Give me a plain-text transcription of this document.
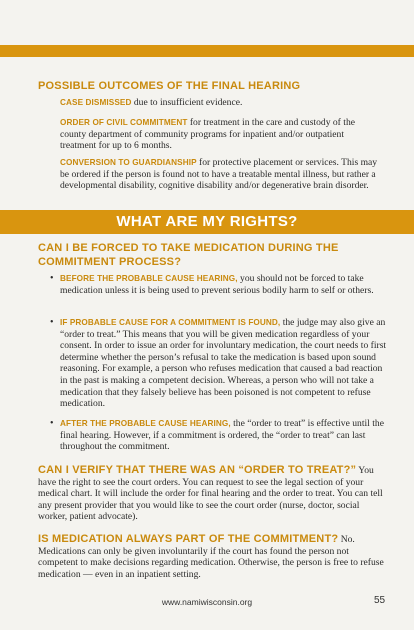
POSSIBLE OUTCOMES OF THE FINAL HEARING
CASE DISMISSED due to insufficient evidence.
ORDER OF CIVIL COMMITMENT for treatment in the care and custody of the county department of community programs for inpatient and/or outpatient treatment for up to 6 months.
CONVERSION TO GUARDIANSHIP for protective placement or services. This may be ordered if the person is found not to have a treatable mental illness, but rather a developmental disability, cognitive disability and/or degenerative brain disorder.
WHAT ARE MY RIGHTS?
CAN I BE FORCED TO TAKE MEDICATION DURING THE COMMITMENT PROCESS?
• BEFORE THE PROBABLE CAUSE HEARING, you should not be forced to take medication unless it is being used to prevent serious bodily harm to self or others.
• IF PROBABLE CAUSE FOR A COMMITMENT IS FOUND, the judge may also give an “order to treat.” This means that you will be given medication regardless of your consent. In order to issue an order for involuntary medication, the court needs to first determine whether the person’s refusal to take the medication is based upon sound reasoning. For example, a person who refuses medication that caused a bad reaction in the past is making a competent decision. Whereas, a person who will not take a medication that they falsely believe has been poisoned is not competent to refuse medication.
• AFTER THE PROBABLE CAUSE HEARING, the “order to treat” is effective until the final hearing. However, if a commitment is ordered, the “order to treat” can last throughout the commitment.
CAN I VERIFY THAT THERE WAS AN “ORDER TO TREAT?” You have the right to see the court orders. You can request to see the legal section of your medical chart. It will include the order for final hearing and the order to treat. You can tell any present provider that you would like to see the court order (nurse, doctor, social worker, patient advocate).
IS MEDICATION ALWAYS PART OF THE COMMITMENT? No. Medications can only be given involuntarily if the court has found the person not competent to make decisions regarding medication. Otherwise, the person is free to refuse medication — even in an inpatient setting.
www.namiwisconsin.org	55
